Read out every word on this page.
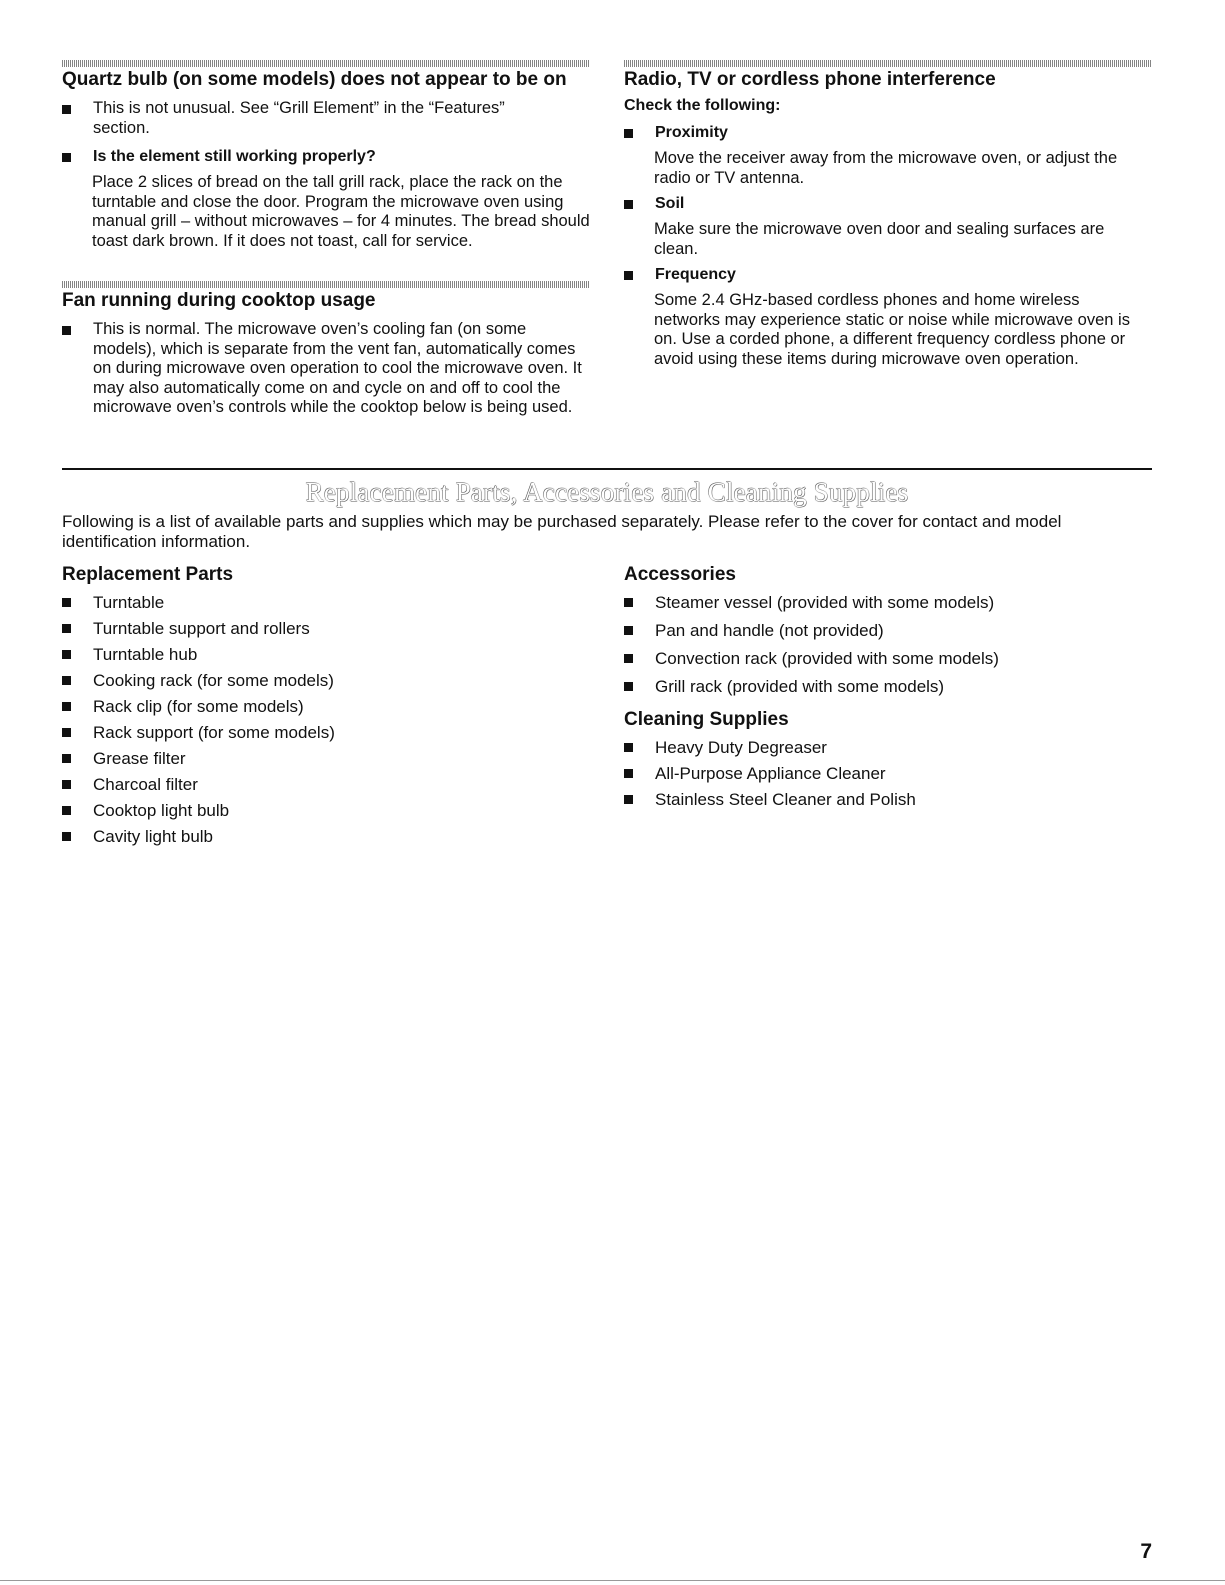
Quartz bulb (on some models) does not appear to be on
This is not unusual. See “Grill Element” in the “Features” section.
Is the element still working properly?

Place 2 slices of bread on the tall grill rack, place the rack on the turntable and close the door. Program the microwave oven using manual grill – without microwaves – for 4 minutes. The bread should toast dark brown. If it does not toast, call for service.

Fan running during cooktop usage
This is normal. The microwave oven’s cooling fan (on some models), which is separate from the vent fan, automatically comes on during microwave oven operation to cool the microwave oven. It may also automatically come on and cycle on and off to cool the microwave oven’s controls while the cooktop below is being used.
Radio, TV or cordless phone interference

Check the following:

Proximity

Move the receiver away from the microwave oven, or adjust the radio or TV antenna.

Soil

Make sure the microwave oven door and sealing surfaces are clean.

Frequency

Some 2.4 GHz-based cordless phones and home wireless networks may experience static or noise while microwave oven is on. Use a corded phone, a different frequency cordless phone or avoid using these items during microwave oven operation.

Replacement Parts, Accessories and Cleaning Supplies

Following is a list of available parts and supplies which may be purchased separately. Please refer to the cover for contact and model identification information.

Replacement Parts
Turntable
Turntable support and rollers
Turntable hub
Cooking rack (for some models)
Rack clip (for some models)
Rack support (for some models)
Grease filter
Charcoal filter
Cooktop light bulb
Cavity light bulb
Accessories
Steamer vessel (provided with some models)
Pan and handle (not provided)
Convection rack (provided with some models)
Grill rack (provided with some models)
Cleaning Supplies
Heavy Duty Degreaser
All-Purpose Appliance Cleaner
Stainless Steel Cleaner and Polish
7
